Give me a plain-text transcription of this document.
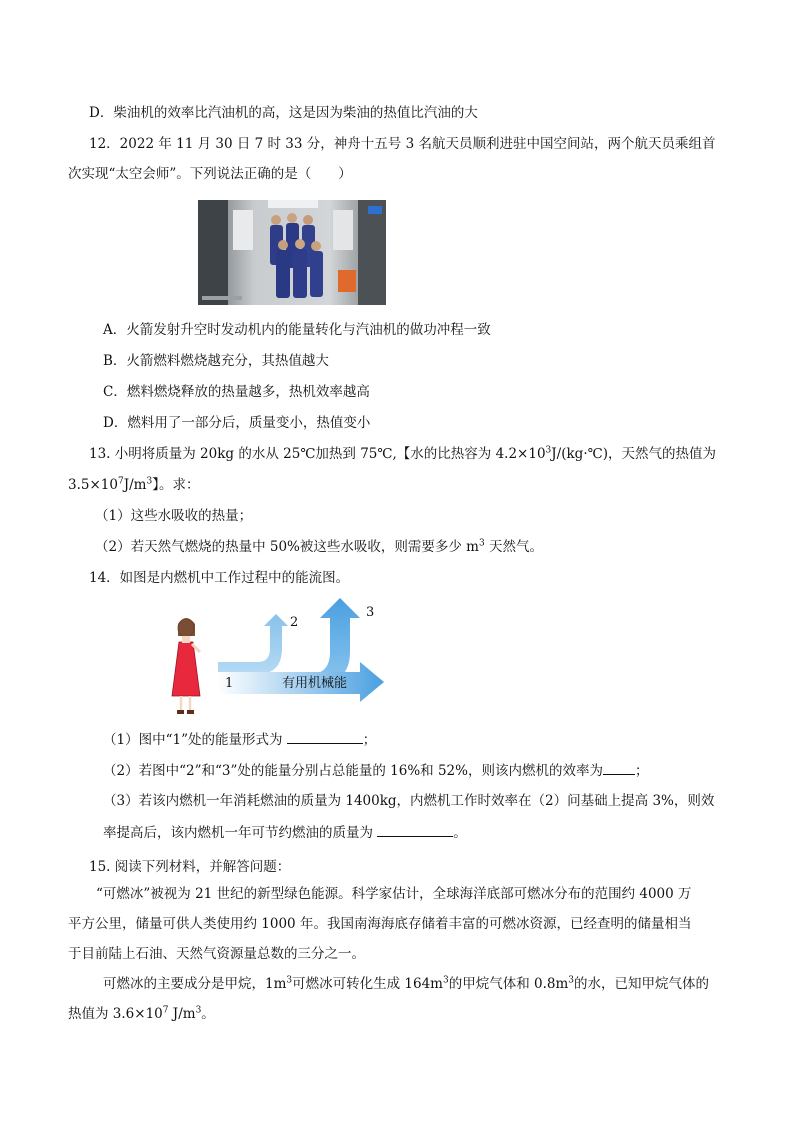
D．柴油机的效率比汽油机的高，这是因为柴油的热值比汽油的大
12．2022 年 11 月 30 日 7 时 33 分，神舟十五号 3 名航天员顺利进驻中国空间站，两个航天员乘组首
次实现“太空会师”。下列说法正确的是（　　）
A．火箭发射升空时发动机内的能量转化与汽油机的做功冲程一致
B．火箭燃料燃烧越充分，其热值越大
C．燃料燃烧释放的热量越多，热机效率越高
D．燃料用了一部分后，质量变小，热值变小
13. 小明将质量为 20kg 的水从 25℃加热到 75℃,【水的比热容为 $4.2\times 10^3J/(kg\cdot℃)$，天然气的热值为
$3.5\times 10^7J/m^3$】。求：
（1）这些水吸收的热量；
（2）若天然气燃烧的热量中 50%被这些水吸收，则需要多少 $m^3$ 天然气。
14．如图是内燃机中工作过程中的能流图。
1
2
3
有用机械能
（1）图中“1”处的能量形式为	；
（2）若图中“2”和“3”处的能量分别占总能量的 16%和 52%，则该内燃机的效率为 ；
（3）若该内燃机一年消耗燃油的质量为 1400kg，内燃机工作时效率在（2）问基础上提高 3%，则效
率提高后，该内燃机一年可节约燃油的质量为	。
15. 阅读下列材料，并解答问题：
“可燃冰”被视为 21 世纪的新型绿色能源。科学家估计，全球海洋底部可燃冰分布的范围约 4000 万
平方公里，储量可供人类使用约 1000 年。我国南海海底存储着丰富的可燃冰资源，已经查明的储量相当
于目前陆上石油、天然气资源量总数的三分之一。
可燃冰的主要成分是甲烷，$1m^3$可燃冰可转化生成 $164m^3$的甲烷气体和 $0.8m^3$的水，已知甲烷气体的
热值为 $3.6\times 10^7$ $J/m^3$。
